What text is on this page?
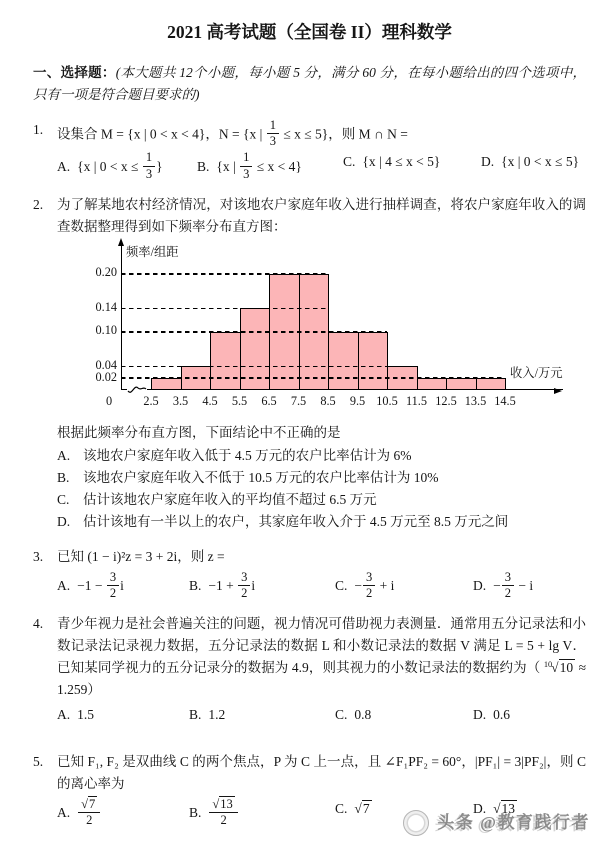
2021 高考试题（全国卷 II）理科数学
一、选择题：(本大题共 12个小题，每小题 5 分，满分 60 分，在每小题给出的四个选项中，只有一项是符合题目要求的)
1.	设集合 M = {x | 0 < x < 4}，N = {x | $\frac{1}{3} \le x \le 5$}，则 M ∩ N =
A. {x | $0 < x \le \frac{1}{3}$ }	B. {x | $\frac{1}{3} \le x < 4$}	C. {x | 4 ≤ x < 5}	D. {x | 0 < x ≤ 5}
2.	为了解某地农村经济情况，对该地农户家庭年收入进行抽样调查，将农户家庭年收入的调查数据整理得到如下频率分布直方图：
频率/组距
收入/万元
0
0.02
0.04
0.10
0.14
0.20
2.5	3.5	4.5	5.5	6.5	7.5	8.5	9.5 10.5 11.5 12.5 13.5 14.5
根据此频率分布直方图，下面结论中不正确的是
A. 该地农户家庭年收入低于 4.5 万元的农户比率估计为 6%
B.	该地农户家庭年收入不低于 10.5 万元的农户比率估计为 10%
C.	估计该地农户家庭年收入的平均值不超过 6.5 万元
D. 估计该地有一半以上的农户，其家庭年收入介于 4.5 万元至 8.5 万元之间
3.	已知 (1 − i)²z = 3 + 2i，则 z =
A. $-1 - \frac{3}{2}$ i	B. $-1 + \frac{3}{2}$ i	C. − $\frac{3}{2} + i$	D. − $\frac{3}{2} - i$
4.	青少年视力是社会普遍关注的问题，视力情况可借助视力表测量．通常用五分记录法和小数记录法记录视力数据，五分记录法的数据 L 和小数记录法的数据 V 满足 L = 5 + lg V．已知某同学视力的五分记录分的数据为 4.9，则其视力的小数记录法的数据约为（ $^{10}$√10 ≈ 1.259）
A. 1.5	B. 1.2	C. 0.8	D. 0.6
5.	已知 F₁, F₂ 是双曲线 C 的两个焦点，P 为 C 上一点，且 ∠F₁PF₂ = 60°，|PF₁| = 3|PF₂|，则 C 的离心率为
A. $\frac{√7}{2}$	B. $\frac{√13}{2}$	C. √7	D. √13
头条 @教育践行者
